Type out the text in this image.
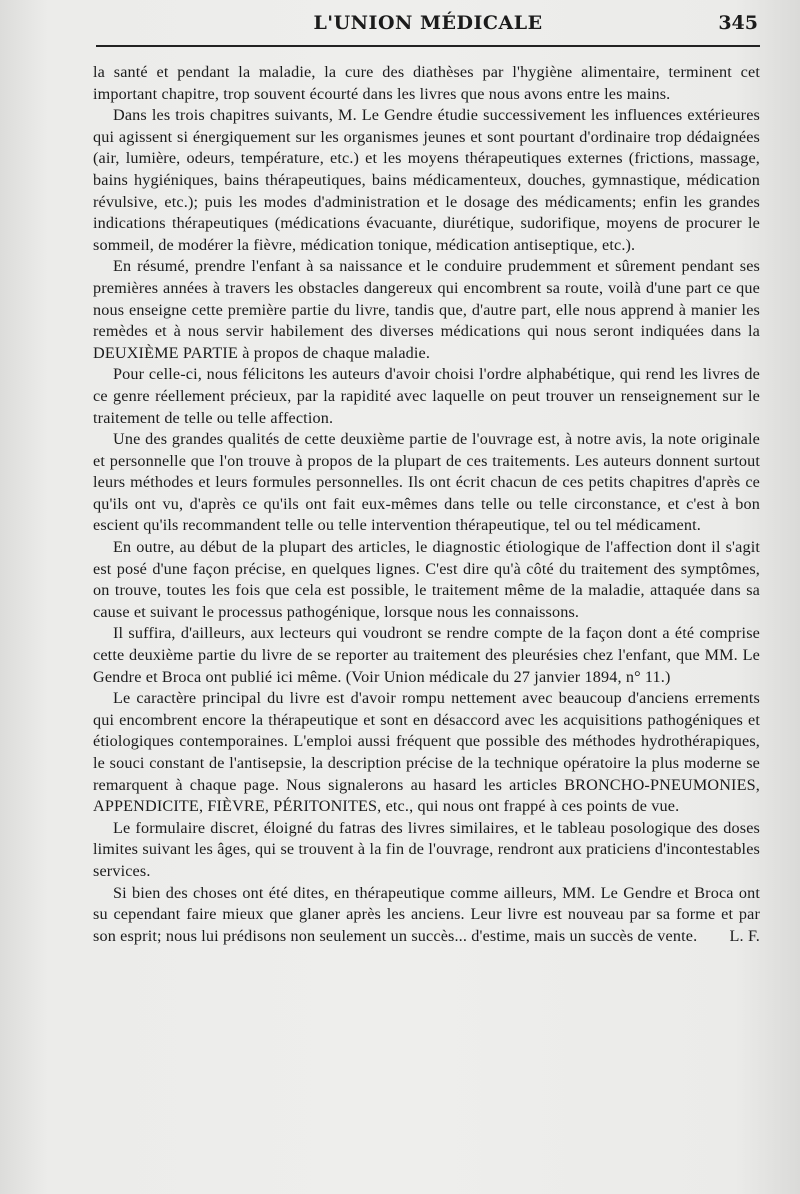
L'UNION MÉDICALE	345

la santé et pendant la maladie, la cure des diathèses par l'hygiène alimentaire, terminent cet important chapitre, trop souvent écourté dans les livres que nous avons entre les mains.

Dans les trois chapitres suivants, M. Le Gendre étudie successivement les influences extérieures qui agissent si énergiquement sur les organismes jeunes et sont pourtant d'ordinaire trop dédaignées (air, lumière, odeurs, température, etc.) et les moyens thérapeutiques externes (frictions, massage, bains hygiéniques, bains thérapeutiques, bains médicamenteux, douches, gymnastique, médication révulsive, etc.); puis les modes d'administration et le dosage des médicaments; enfin les grandes indications thérapeutiques (médications évacuante, diurétique, sudorifique, moyens de procurer le sommeil, de modérer la fièvre, médication tonique, médication antiseptique, etc.).

En résumé, prendre l'enfant à sa naissance et le conduire prudemment et sûrement pendant ses premières années à travers les obstacles dangereux qui encombrent sa route, voilà d'une part ce que nous enseigne cette première partie du livre, tandis que, d'autre part, elle nous apprend à manier les remèdes et à nous servir habilement des diverses médications qui nous seront indiquées dans la DEUXIÈME PARTIE à propos de chaque maladie.

Pour celle-ci, nous félicitons les auteurs d'avoir choisi l'ordre alphabétique, qui rend les livres de ce genre réellement précieux, par la rapidité avec laquelle on peut trouver un renseignement sur le traitement de telle ou telle affection.

Une des grandes qualités de cette deuxième partie de l'ouvrage est, à notre avis, la note originale et personnelle que l'on trouve à propos de la plupart de ces traitements. Les auteurs donnent surtout leurs méthodes et leurs formules personnelles. Ils ont écrit chacun de ces petits chapitres d'après ce qu'ils ont vu, d'après ce qu'ils ont fait eux-mêmes dans telle ou telle circonstance, et c'est à bon escient qu'ils recommandent telle ou telle intervention thérapeutique, tel ou tel médicament.

En outre, au début de la plupart des articles, le diagnostic étiologique de l'affection dont il s'agit est posé d'une façon précise, en quelques lignes. C'est dire qu'à côté du traitement des symptômes, on trouve, toutes les fois que cela est possible, le traitement même de la maladie, attaquée dans sa cause et suivant le processus pathogénique, lorsque nous les connaissons.

Il suffira, d'ailleurs, aux lecteurs qui voudront se rendre compte de la façon dont a été comprise cette deuxième partie du livre de se reporter au traitement des pleurésies chez l'enfant, que MM. Le Gendre et Broca ont publié ici même. (Voir Union médicale du 27 janvier 1894, n° 11.)

Le caractère principal du livre est d'avoir rompu nettement avec beaucoup d'anciens errements qui encombrent encore la thérapeutique et sont en désaccord avec les acquisitions pathogéniques et étiologiques contemporaines. L'emploi aussi fréquent que possible des méthodes hydrothérapiques, le souci constant de l'antisepsie, la description précise de la technique opératoire la plus moderne se remarquent à chaque page. Nous signalerons au hasard les articles BRONCHO-PNEUMONIES, APPENDICITE, FIÈVRE, PÉRITONITES, etc., qui nous ont frappé à ces points de vue.

Le formulaire discret, éloigné du fatras des livres similaires, et le tableau posologique des doses limites suivant les âges, qui se trouvent à la fin de l'ouvrage, rendront aux praticiens d'incontestables services.

Si bien des choses ont été dites, en thérapeutique comme ailleurs, MM. Le Gendre et Broca ont su cependant faire mieux que glaner après les anciens. Leur livre est nouveau par sa forme et par son esprit; nous lui prédisons non seulement un succès... d'estime, mais un succès de vente.	L. F.
